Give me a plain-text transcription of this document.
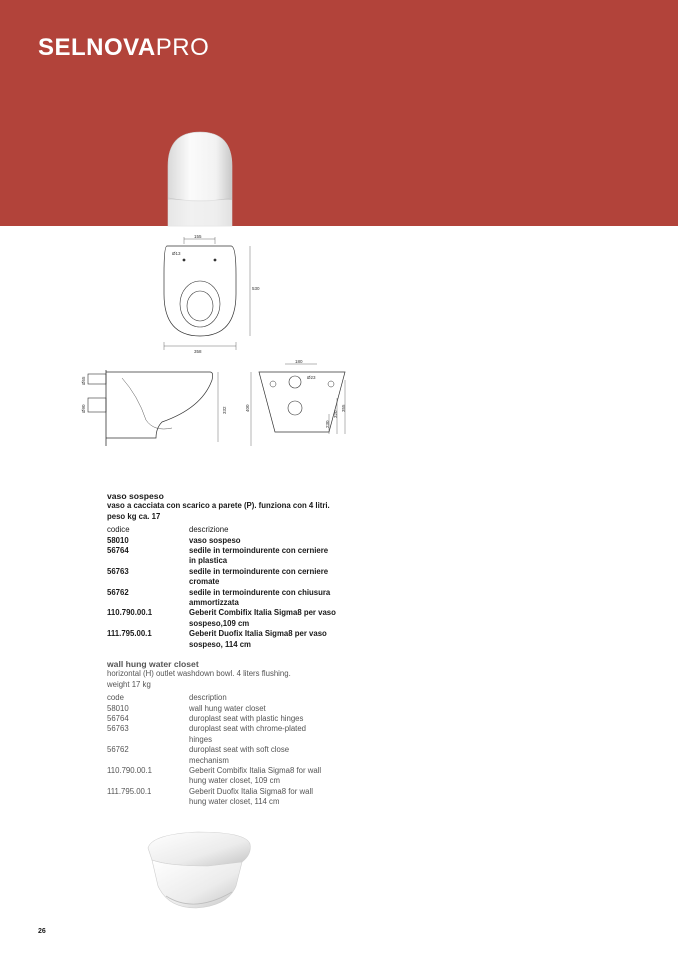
SELNOVAPRO
155
Ø13
530
358
Ø55
Ø90	332
180
400
Ø23
230
320
355
vaso sospeso
vaso a cacciata con scarico a parete (P). funziona con 4 litri.
peso kg ca. 17
codice	descrizione
58010	vaso sospeso
56764	sedile in termoindurente con cerniere
in plastica
56763	sedile in termoindurente con cerniere
cromate
56762	sedile in termoindurente con chiusura
ammortizzata
110.790.00.1	Geberit Combifix Italia Sigma8 per vaso
sospeso,109 cm
111.795.00.1	Geberit Duofix Italia Sigma8 per vaso
sospeso, 114 cm
wall hung water closet
horizontal (H) outlet washdown bowl. 4 liters flushing.
weight 17 kg
code	description
58010	wall hung water closet
56764	duroplast seat with plastic hinges
56763	duroplast seat with chrome-plated
hinges
56762	duroplast seat with soft close
mechanism
110.790.00.1	Geberit Combifix Italia Sigma8 for wall
hung water closet, 109 cm
111.795.00.1	Geberit Duofix Italia Sigma8 for wall
hung water closet, 114 cm
26
